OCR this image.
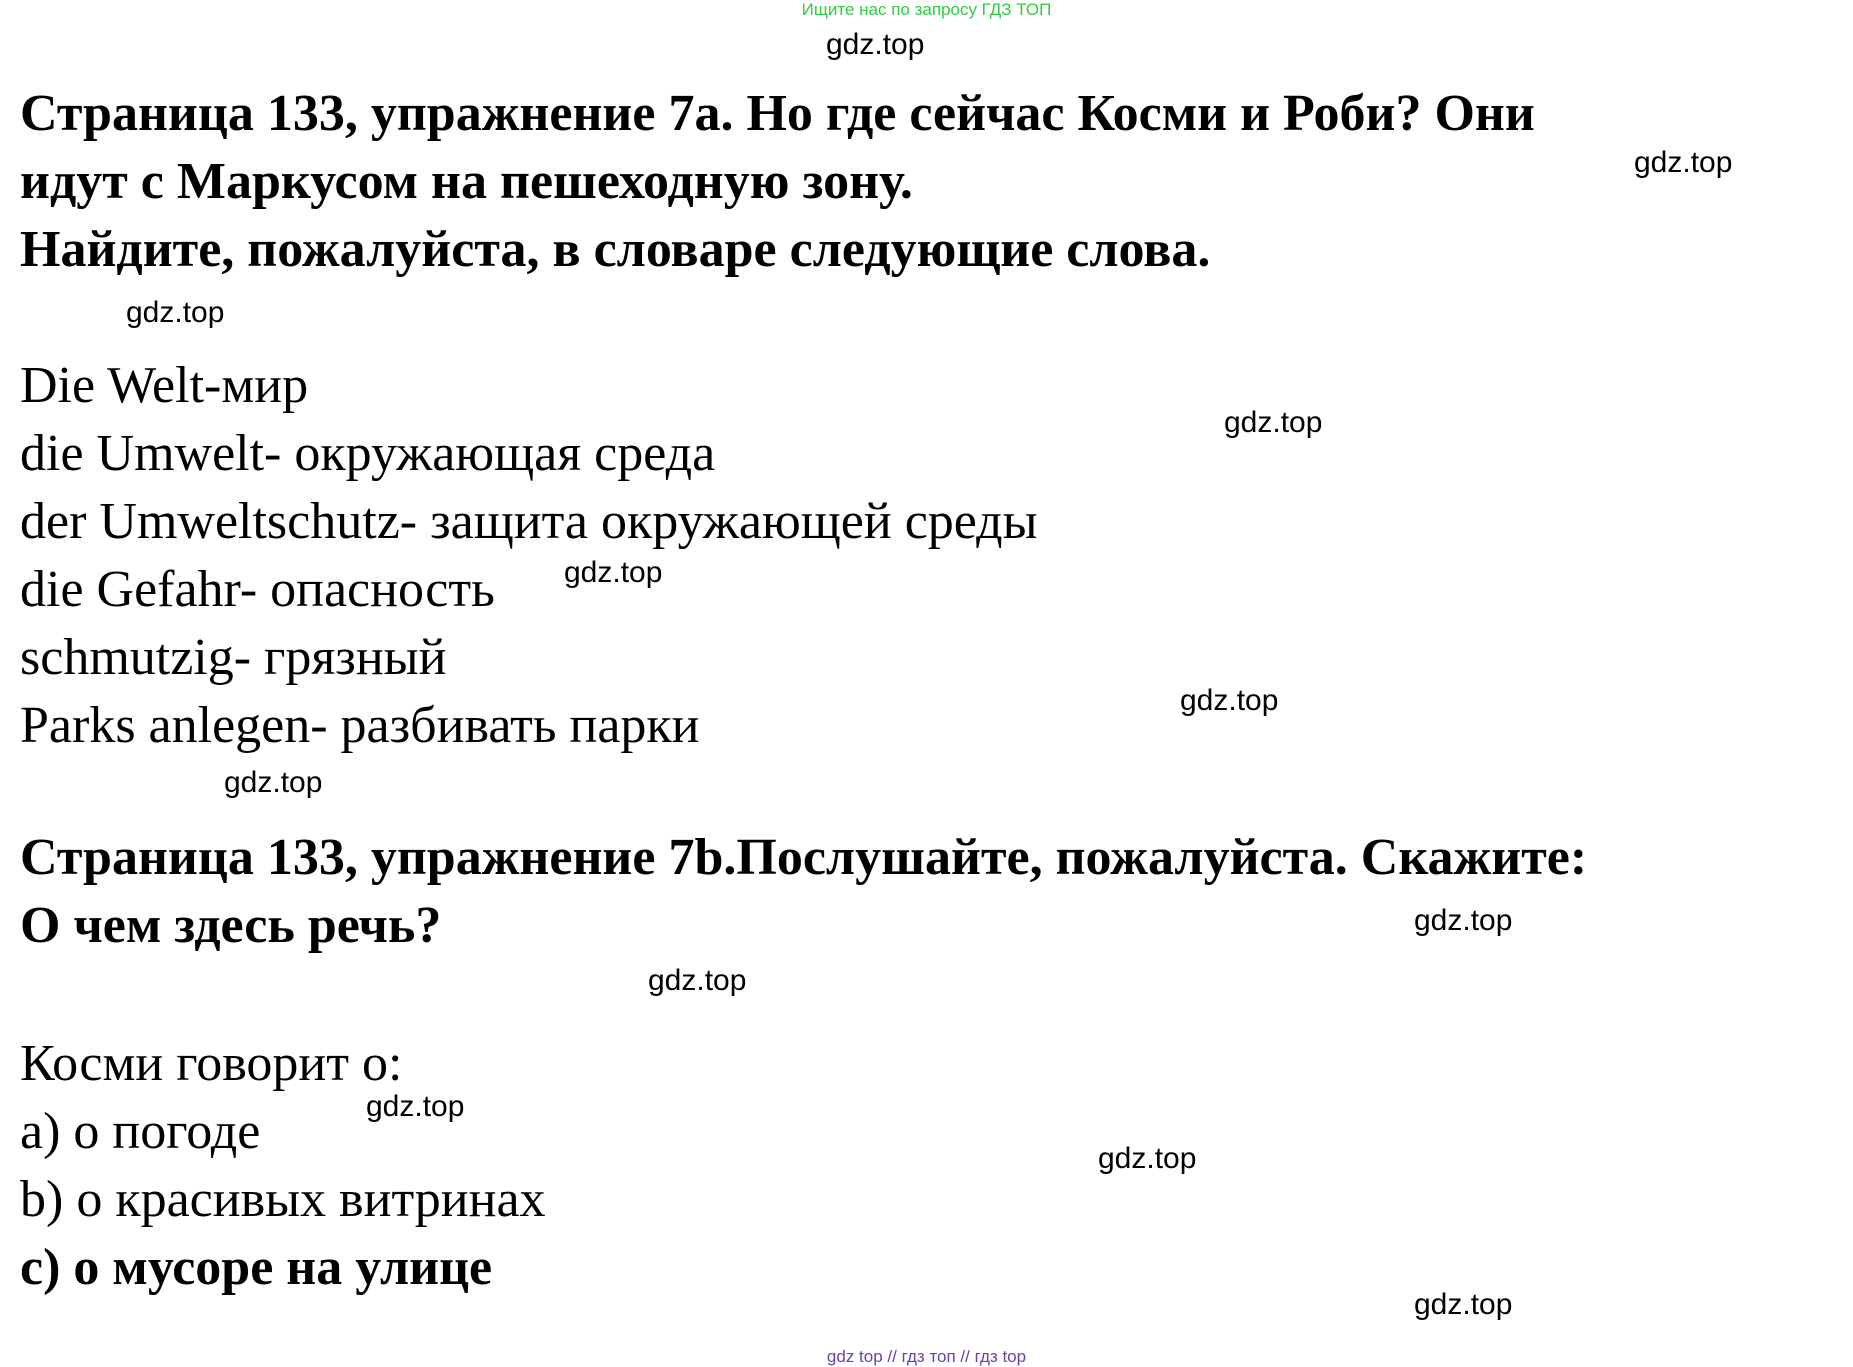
Ищите нас по запросу ГДЗ ТОП
gdz.top
gdz.top
gdz.top
gdz.top
gdz.top
gdz.top
gdz.top
gdz.top
gdz.top
gdz.top
gdz.top
gdz.top
Страница 133, упражнение 7a. Но где сейчас Косми и Роби? Они
идут с Маркусом на пешеходную зону.
Найдите, пожалуйста, в словаре следующие слова.
Die Welt-мир
die Umwelt- окружающая среда
der Umweltschutz- защита окружающей среды
die Gefahr- опасность
schmutzig- грязный
Parks anlegen- разбивать парки
Страница 133, упражнение 7b.Послушайте, пожалуйста. Скажите:
О чем здесь речь?
Косми говорит о:
a) о погоде
b) о красивых витринах
c) о мусоре на улице
gdz top // гдз топ // гдз top
